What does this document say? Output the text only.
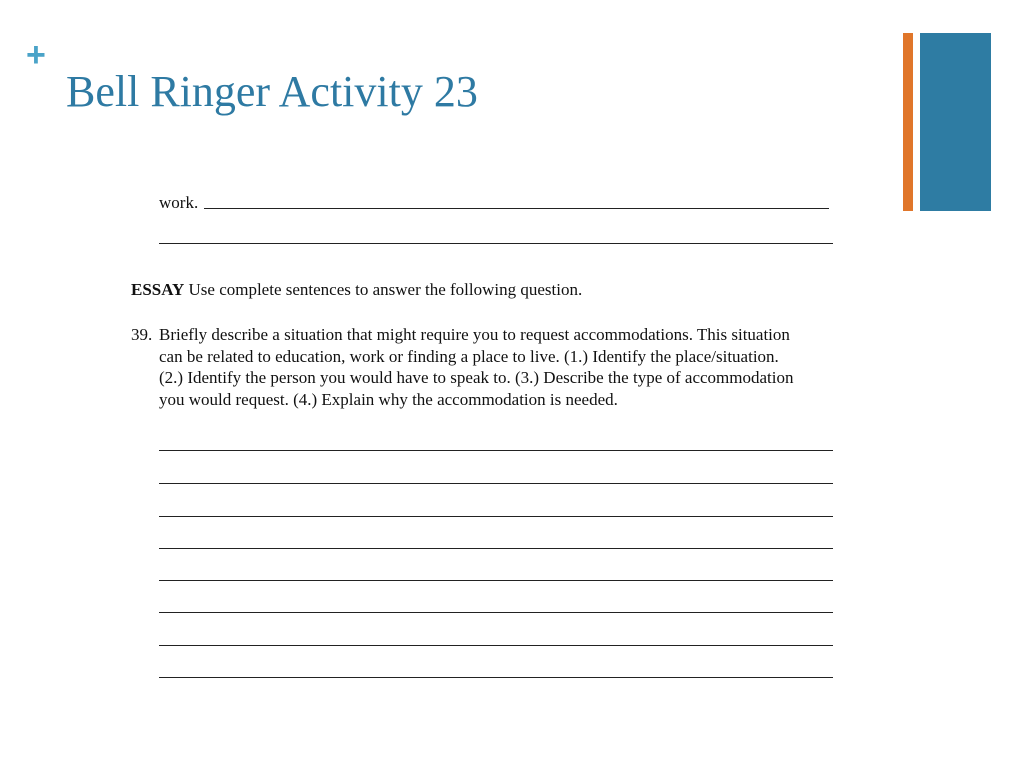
+
Bell Ringer Activity 23
work.
ESSAY Use complete sentences to answer the following question.
39. Briefly describe a situation that might require you to request accommodations. This situation
can be related to education, work or finding a place to live. (1.) Identify the place/situation.
(2.) Identify the person you would have to speak to. (3.) Describe the type of accommodation
you would request. (4.) Explain why the accommodation is needed.
